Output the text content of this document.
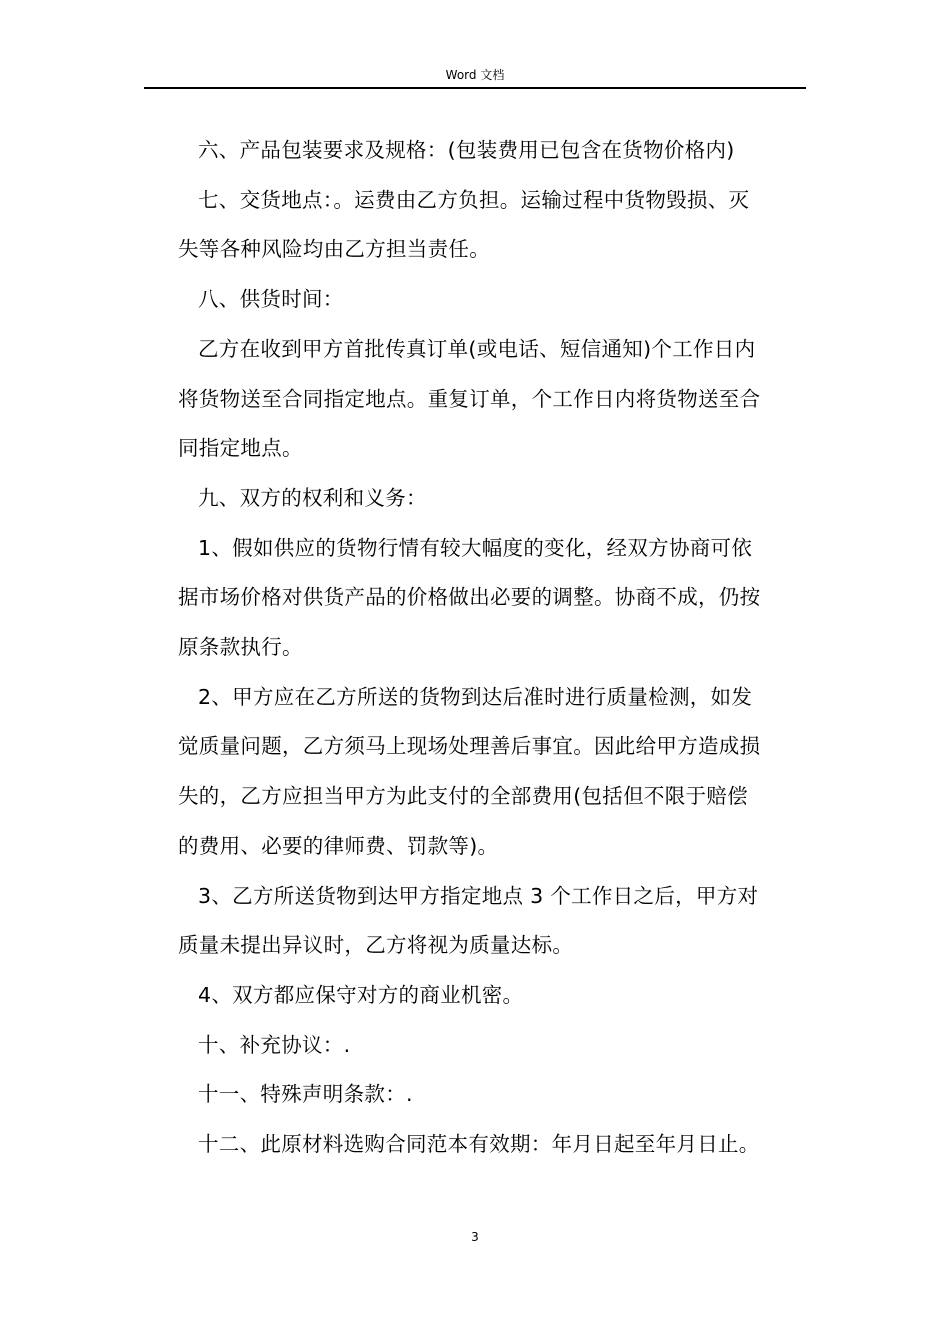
Word 文档

六、产品包装要求及规格：(包装费用已包含在货物价格内)

七、交货地点：。运费由乙方负担。运输过程中货物毁损、灭
失等各种风险均由乙方担当责任。

八、供货时间：

乙方在收到甲方首批传真订单(或电话、短信通知)个工作日内
将货物送至合同指定地点。重复订单，个工作日内将货物送至合
同指定地点。

九、双方的权利和义务：

1、假如供应的货物行情有较大幅度的变化，经双方协商可依
据市场价格对供货产品的价格做出必要的调整。协商不成，仍按
原条款执行。

2、甲方应在乙方所送的货物到达后准时进行质量检测，如发
觉质量问题，乙方须马上现场处理善后事宜。因此给甲方造成损
失的，乙方应担当甲方为此支付的全部费用(包括但不限于赔偿
的费用、必要的律师费、罚款等)。

3、乙方所送货物到达甲方指定地点 3 个工作日之后，甲方对
质量未提出异议时，乙方将视为质量达标。

4、双方都应保守对方的商业机密。

十、补充协议：.

十一、特殊声明条款：.

十二、此原材料选购合同范本有效期：年月日起至年月日止。

3
